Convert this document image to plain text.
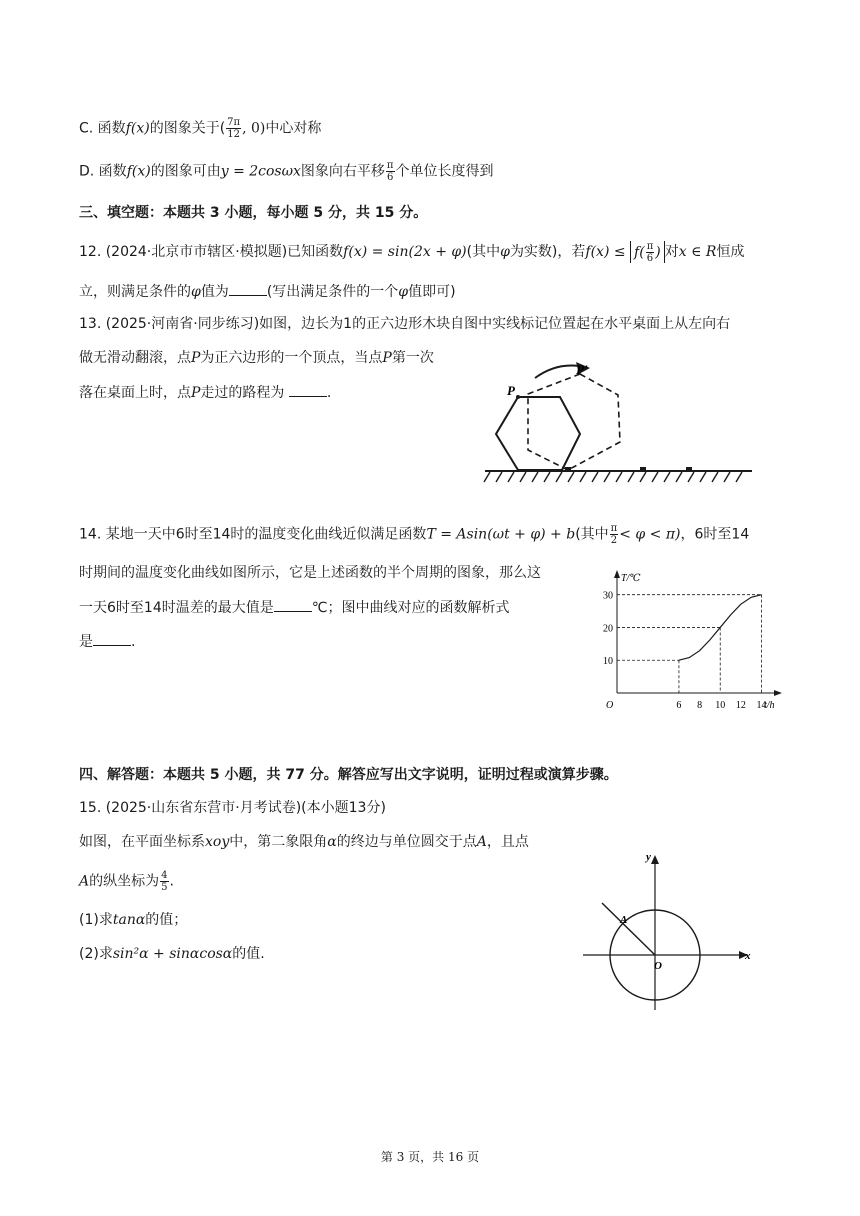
C. 函数f(x)的图象关于( $\frac{7\pi}{12}$ , 0)中心对称
D. 函数f(x)的图象可由y = 2cosωx图象向右平移 $\frac{\pi}{6}$ 个单位长度得到
三、填空题：本题共 3 小题，每小题 5 分，共 15 分。
12. (2024·北京市市辖区·模拟题)已知函数f(x) = sin(2x + φ)(其中φ为实数)，若$f(x) \le f( \frac{\pi}{6}$ ) 对x ∈ R恒成
立，则满足条件的φ值为	(写出满足条件的一个φ值即可)
13. (2025·河南省·同步练习)如图，边长为1的正六边形木块自图中实线标记位置起在水平桌面上从左向右
做无滑动翻滚，点P为正六边形的一个顶点，当点P第一次
落在桌面上时，点P走过的路程为	.	P
P'
14. 某地一天中6时至14时的温度变化曲线近似满足函数T = Asin(ωt + φ) + b(其中 $\frac{\pi}{2} < \varphi < \pi$)，6时至14
时期间的温度变化曲线如图所示，它是上述函数的半个周期的图象，那么这
一天6时至14时温差的最大值是	℃；图中曲线对应的函数解析式
是	.
T/℃
t/h
O	6 8 10 12 14
10
20
30
四、解答题：本题共 5 小题，共 77 分。解答应写出文字说明，证明过程或演算步骤。
15. (2025·山东省东营市·月考试卷)(本小题13分)
如图，在平面坐标系xoy中，第二象限角α的终边与单位圆交于点A，且点
A的纵坐标为 $\frac{4}{5}$ .
(1)求tanα的值；
(2)求sin²α + sinαcosα的值.
A
O
x
y
第 3 页，共 16 页
